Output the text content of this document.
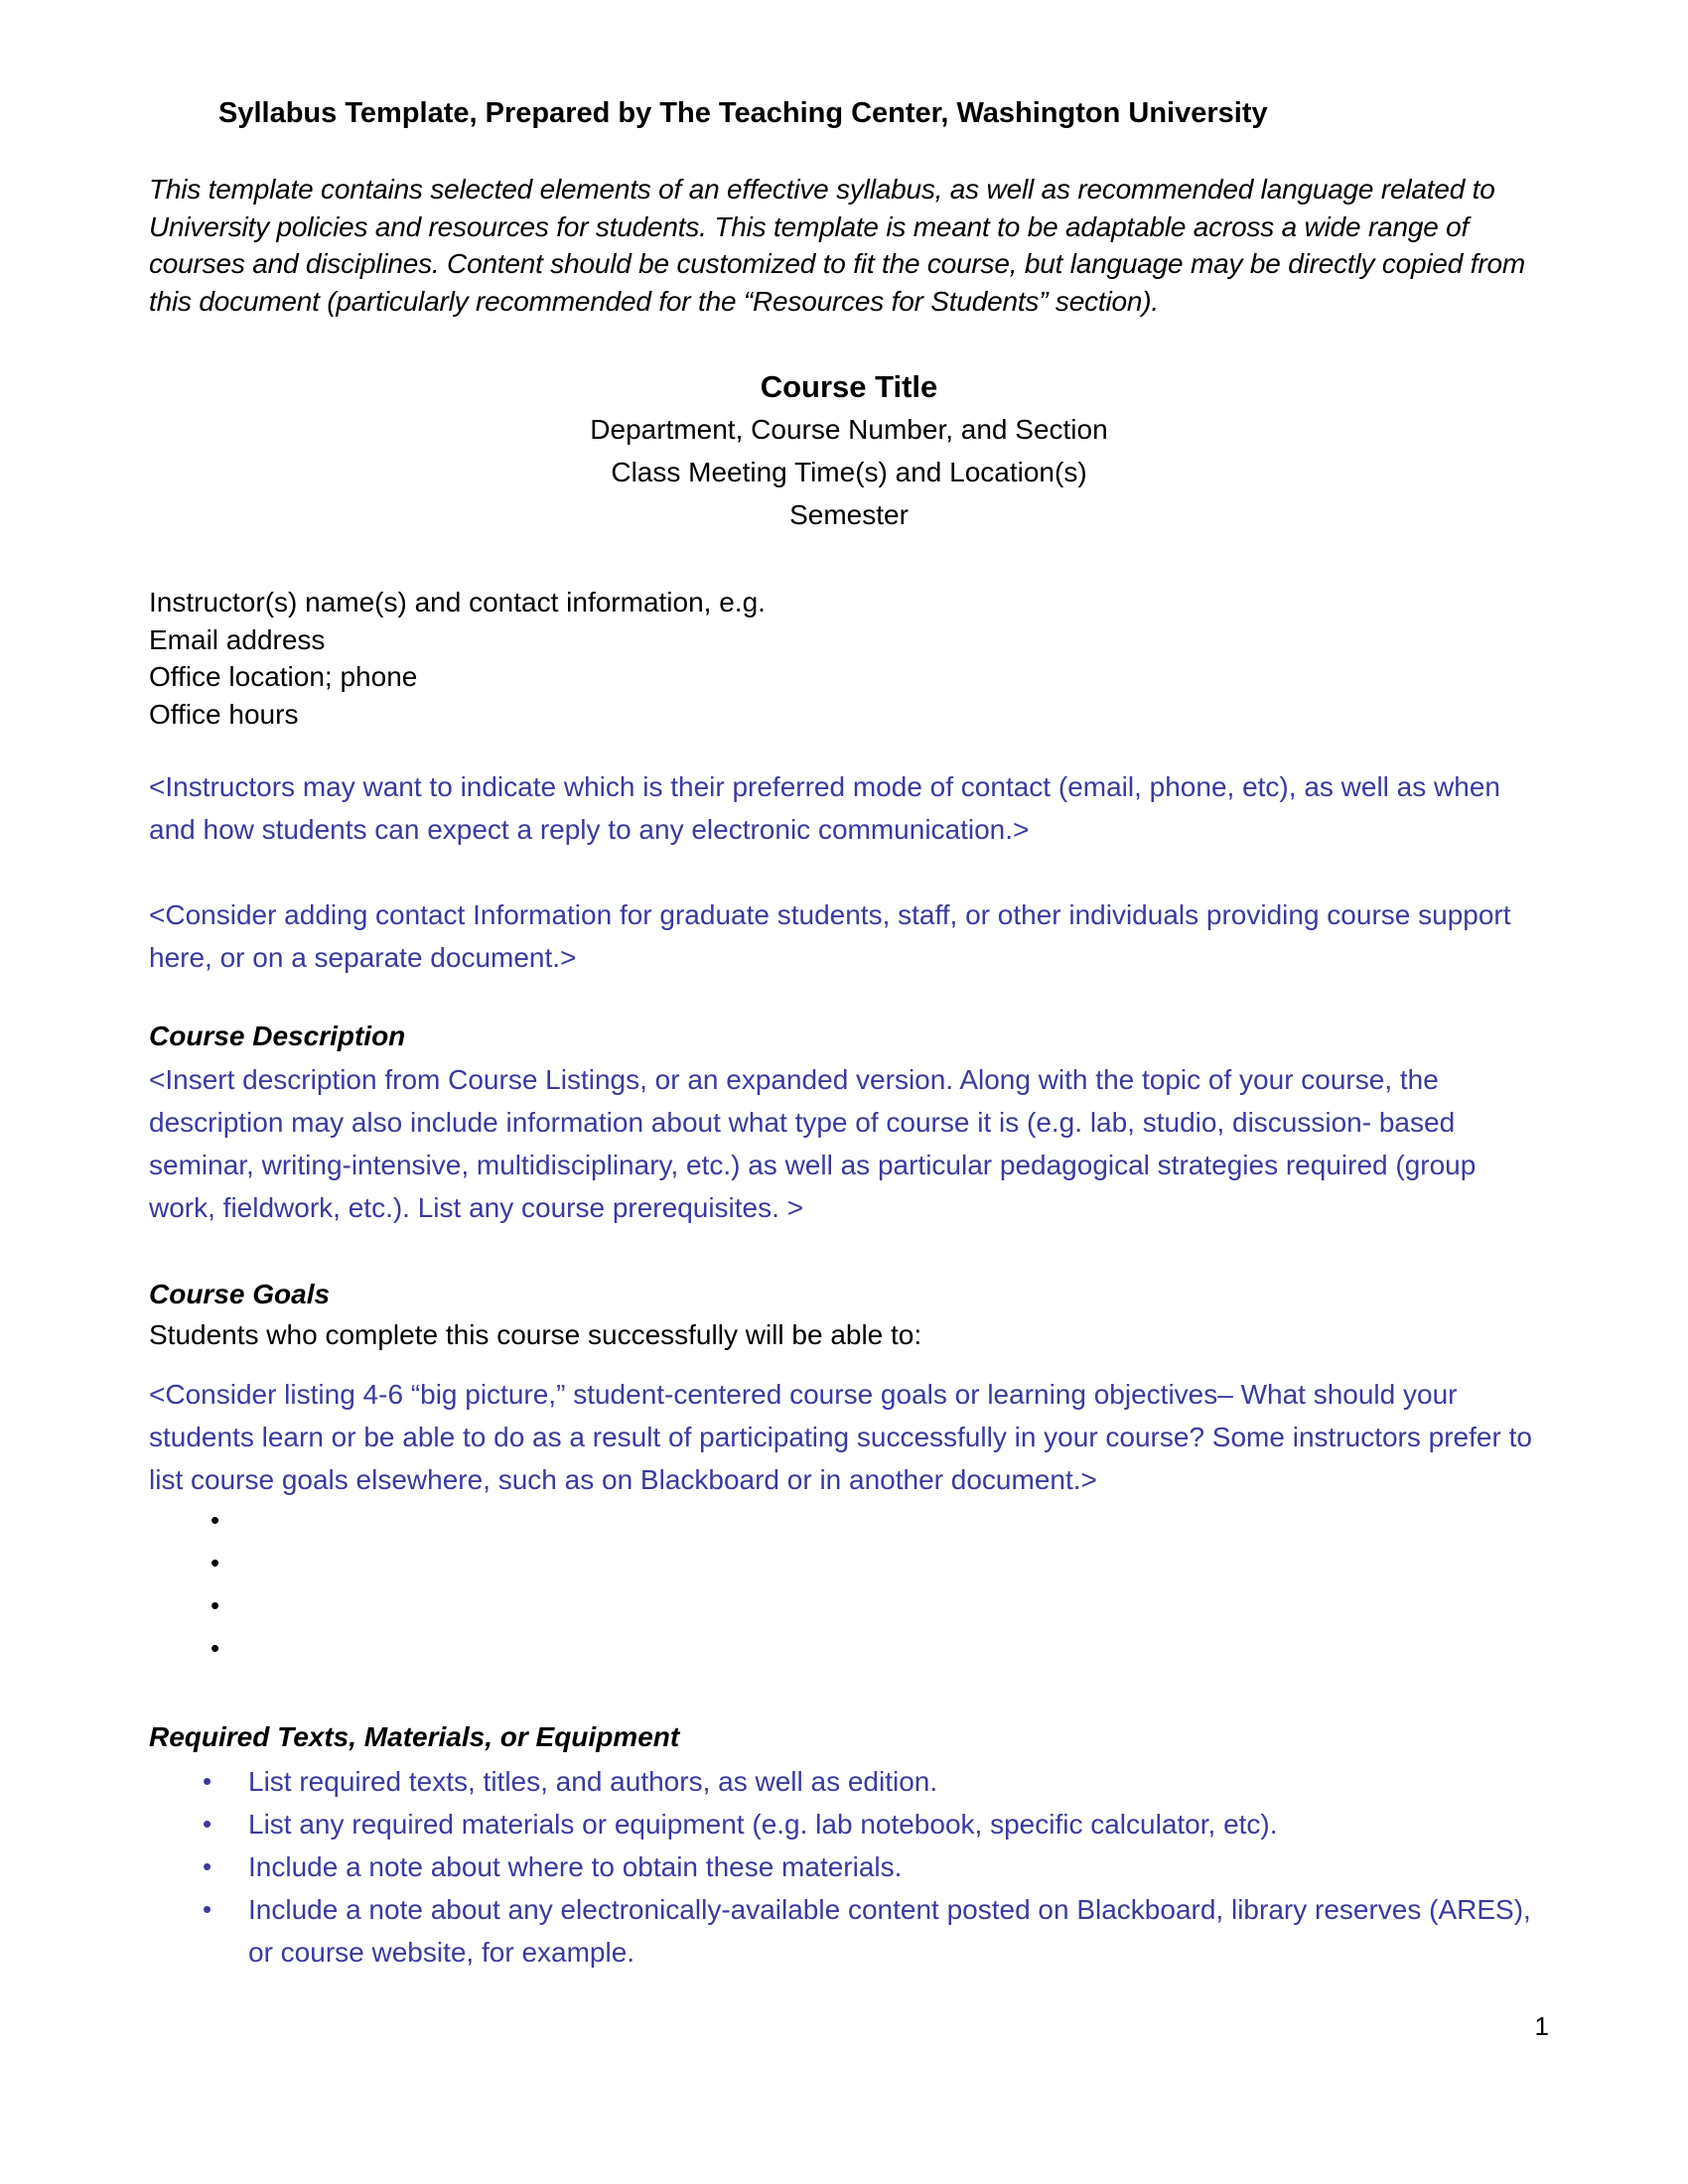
Syllabus Template, Prepared by The Teaching Center, Washington University
This template contains selected elements of an effective syllabus, as well as recommended language related to University policies and resources for students. This template is meant to be adaptable across a wide range of courses and disciplines. Content should be customized to fit the course, but language may be directly copied from this document (particularly recommended for the “Resources for Students” section).
Course Title
Department, Course Number, and Section
Class Meeting Time(s) and Location(s)
Semester
Instructor(s) name(s) and contact information, e.g.
Email address
Office location; phone
Office hours
<Instructors may want to indicate which is their preferred mode of contact (email, phone, etc), as well as when and how students can expect a reply to any electronic communication.>
<Consider adding contact Information for graduate students, staff, or other individuals providing course support here, or on a separate document.>
Course Description
<Insert description from Course Listings, or an expanded version. Along with the topic of your course, the description may also include information about what type of course it is (e.g. lab, studio, discussion- based seminar, writing-intensive, multidisciplinary, etc.) as well as particular pedagogical strategies required (group work, fieldwork, etc.). List any course prerequisites. >
Course Goals
Students who complete this course successfully will be able to:
<Consider listing 4-6 “big picture,” student-centered course goals or learning objectives– What should your students learn or be able to do as a result of participating successfully in your course? Some instructors prefer to list course goals elsewhere, such as on Blackboard or in another document.>
•
•
•
•
Required Texts, Materials, or Equipment
• List required texts, titles, and authors, as well as edition.
• List any required materials or equipment (e.g. lab notebook, specific calculator, etc).
• Include a note about where to obtain these materials.
• Include a note about any electronically-available content posted on Blackboard, library reserves (ARES), or course website, for example.
1
